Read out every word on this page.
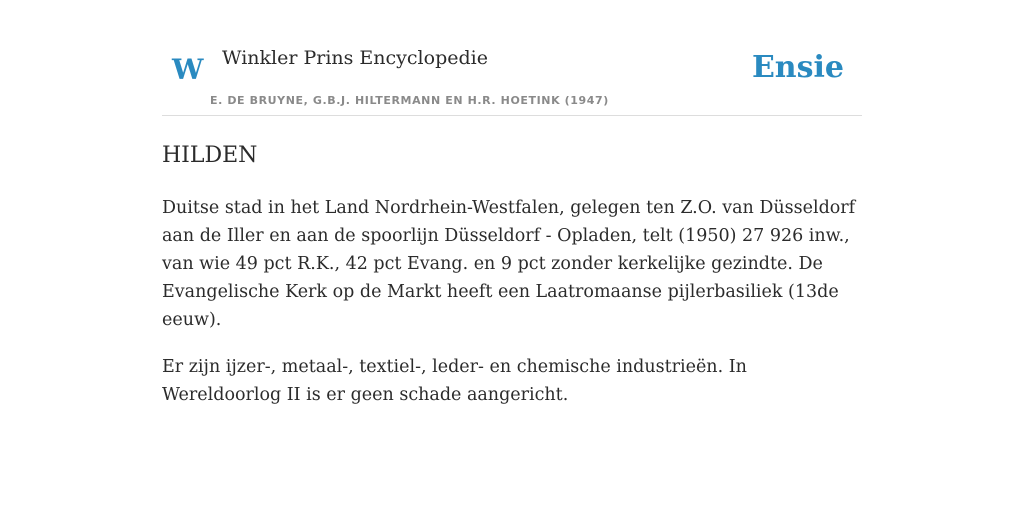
W Winkler Prins Encyclopedie
E. DE BRUYNE, G.B.J. HILTERMANN EN H.R. HOETINK (1947)
Ensie
HILDEN

Duitse stad in het Land Nordrhein-Westfalen, gelegen ten Z.O. van Düsseldorf aan de Iller en aan de spoorlijn Düsseldorf - Opladen, telt (1950) 27 926 inw., van wie 49 pct R.K., 42 pct Evang. en 9 pct zonder kerkelijke gezindte. De Evangelische Kerk op de Markt heeft een Laatromaanse pijlerbasiliek (13de eeuw).

Er zijn ijzer-, metaal-, textiel-, leder- en chemische industrieën. In Wereldoorlog II is er geen schade aangericht.
